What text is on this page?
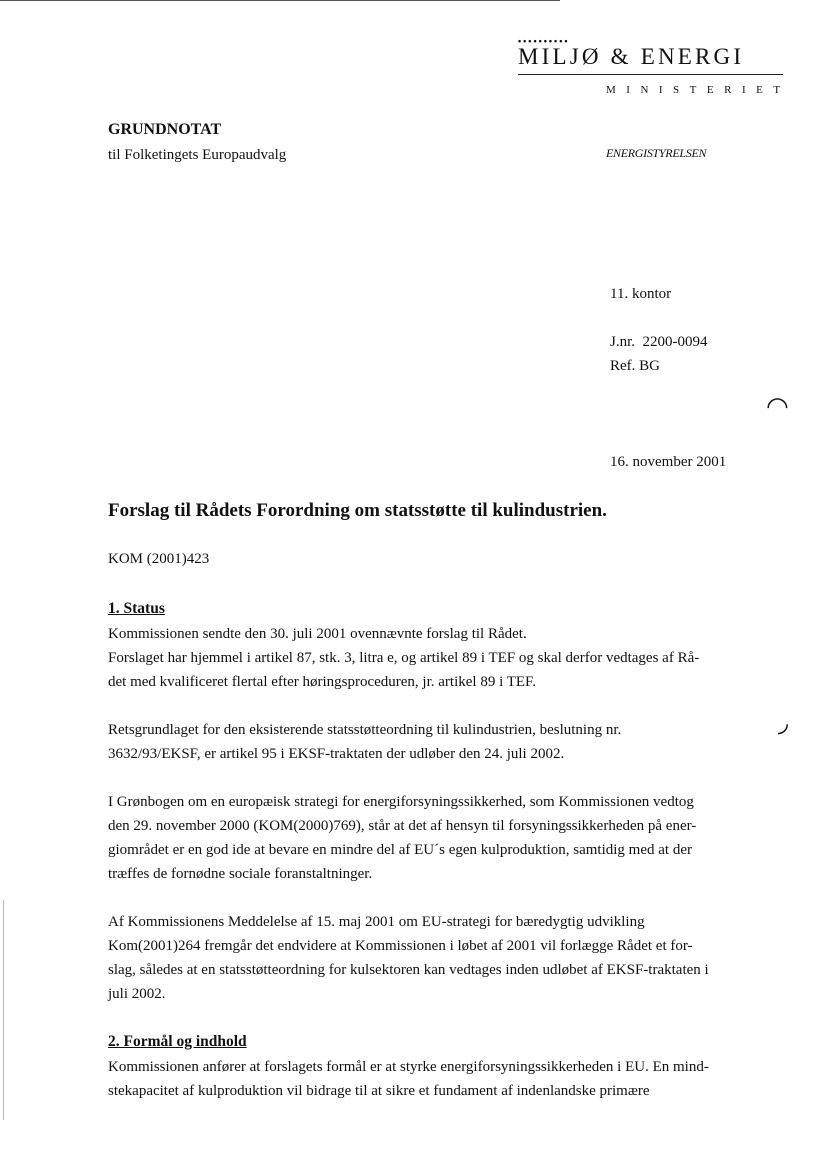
••••••••••
MILJØ & ENERGI
MINISTERIET
GRUNDNOTAT
til Folketingets Europaudvalg	ENERGISTYRELSEN
11. kontor
J.nr.  2200-0094
Ref. BG
◠
16. november 2001
Forslag til Rådets Forordning om statsstøtte til kulindustrien.
KOM (2001)423
1. Status
Kommissionen sendte den 30. juli 2001 ovennævnte forslag til Rådet.
Forslaget har hjemmel i artikel 87, stk. 3, litra e, og artikel 89 i TEF og skal derfor vedtages af Rå-
det med kvalificeret flertal efter høringsproceduren, jr. artikel 89 i TEF.
Retsgrundlaget for den eksisterende statsstøtteordning til kulindustrien, beslutning nr.
3632/93/EKSF, er artikel 95 i EKSF-traktaten der udløber den 24. juli 2002.
◞
I Grønbogen om en europæisk strategi for energiforsyningssikkerhed, som Kommissionen vedtog
den 29. november 2000 (KOM(2000)769), står at det af hensyn til forsyningssikkerheden på ener-
giområdet er en god ide at bevare en mindre del af EU´s egen kulproduktion, samtidig med at der
træffes de fornødne sociale foranstaltninger.
Af Kommissionens Meddelelse af 15. maj 2001 om EU-strategi for bæredygtig udvikling
Kom(2001)264 fremgår det endvidere at Kommissionen i løbet af 2001 vil forlægge Rådet et for-
slag, således at en statsstøtteordning for kulsektoren kan vedtages inden udløbet af EKSF-traktaten i
juli 2002.
2. Formål og indhold
Kommissionen anfører at forslagets formål er at styrke energiforsyningssikkerheden i EU. En mind-
stekapacitet af kulproduktion vil bidrage til at sikre et fundament af indenlandske primære
